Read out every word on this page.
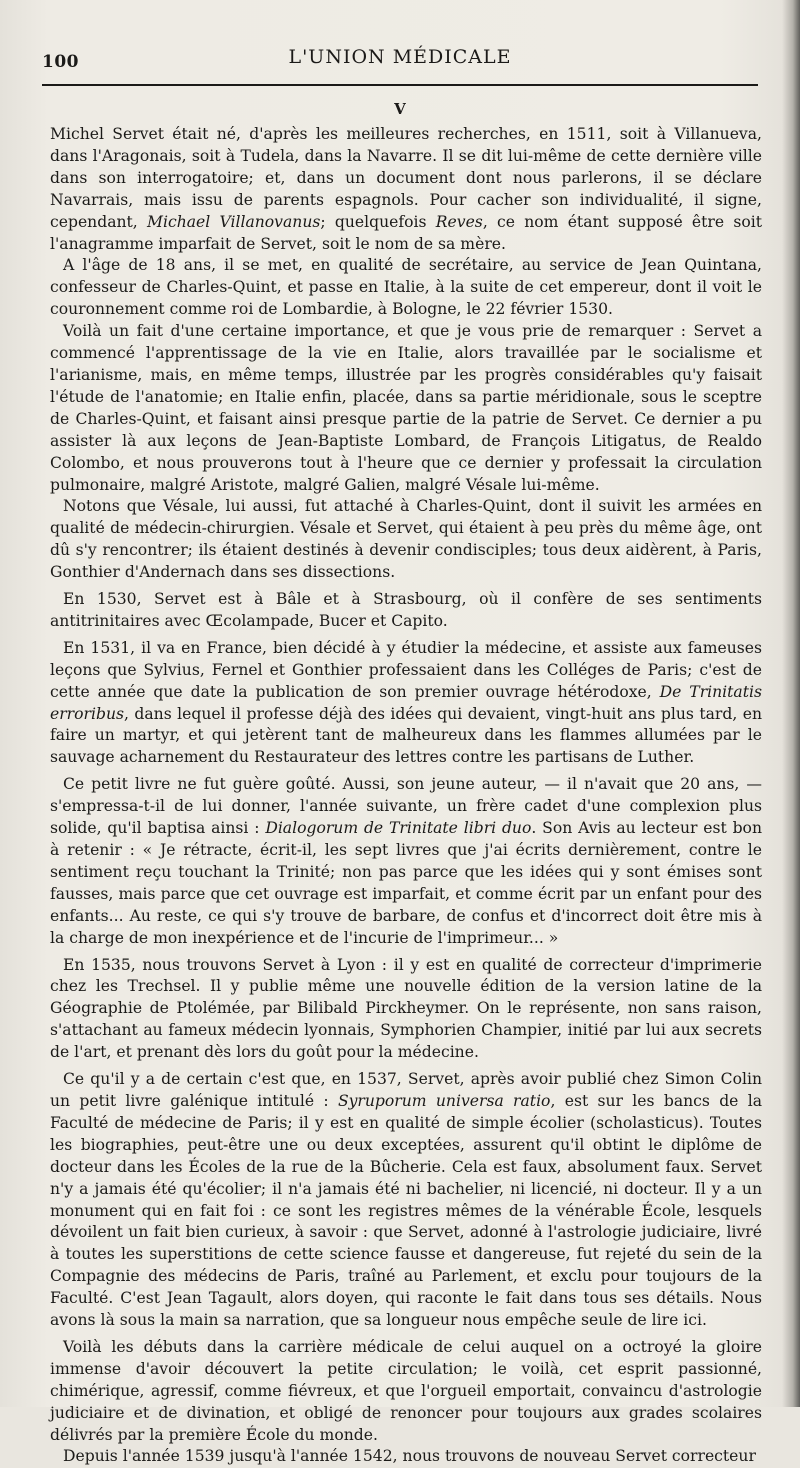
100	L'UNION MÉDICALE
V

Michel Servet était né, d'après les meilleures recherches, en 1511, soit à Villanueva, dans l'Aragonais, soit à Tudela, dans la Navarre. Il se dit lui-même de cette dernière ville dans son interrogatoire; et, dans un document dont nous parlerons, il se déclare Navarrais, mais issu de parents espagnols. Pour cacher son individualité, il signe, cependant, Michael Villanovanus; quelquefois Reves, ce nom étant supposé être soit l'anagramme imparfait de Servet, soit le nom de sa mère.

A l'âge de 18 ans, il se met, en qualité de secrétaire, au service de Jean Quintana, confesseur de Charles-Quint, et passe en Italie, à la suite de cet empereur, dont il voit le couronnement comme roi de Lombardie, à Bologne, le 22 février 1530.

Voilà un fait d'une certaine importance, et que je vous prie de remarquer : Servet a commencé l'apprentissage de la vie en Italie, alors travaillée par le socialisme et l'arianisme, mais, en même temps, illustrée par les progrès considérables qu'y faisait l'étude de l'anatomie; en Italie enfin, placée, dans sa partie méridionale, sous le sceptre de Charles-Quint, et faisant ainsi presque partie de la patrie de Servet. Ce dernier a pu assister là aux leçons de Jean-Baptiste Lombard, de François Litigatus, de Realdo Colombo, et nous prouverons tout à l'heure que ce dernier y professait la circulation pulmonaire, malgré Aristote, malgré Galien, malgré Vésale lui-même.

Notons que Vésale, lui aussi, fut attaché à Charles-Quint, dont il suivit les armées en qualité de médecin-chirurgien. Vésale et Servet, qui étaient à peu près du même âge, ont dû s'y rencontrer; ils étaient destinés à devenir condisciples; tous deux aidèrent, à Paris, Gonthier d'Andernach dans ses dissections.

En 1530, Servet est à Bâle et à Strasbourg, où il confère de ses sentiments antitrinitaires avec Œcolampade, Bucer et Capito.

En 1531, il va en France, bien décidé à y étudier la médecine, et assiste aux fameuses leçons que Sylvius, Fernel et Gonthier professaient dans les Colléges de Paris; c'est de cette année que date la publication de son premier ouvrage hétérodoxe, De Trinitatis erroribus, dans lequel il professe déjà des idées qui devaient, vingt-huit ans plus tard, en faire un martyr, et qui jetèrent tant de malheureux dans les flammes allumées par le sauvage acharnement du Restaurateur des lettres contre les partisans de Luther.

Ce petit livre ne fut guère goûté. Aussi, son jeune auteur, — il n'avait que 20 ans, — s'empressa-t-il de lui donner, l'année suivante, un frère cadet d'une complexion plus solide, qu'il baptisa ainsi : Dialogorum de Trinitate libri duo. Son Avis au lecteur est bon à retenir : « Je rétracte, écrit-il, les sept livres que j'ai écrits dernièrement, contre le sentiment reçu touchant la Trinité; non pas parce que les idées qui y sont émises sont fausses, mais parce que cet ouvrage est imparfait, et comme écrit par un enfant pour des enfants... Au reste, ce qui s'y trouve de barbare, de confus et d'incorrect doit être mis à la charge de mon inexpérience et de l'incurie de l'imprimeur... »

En 1535, nous trouvons Servet à Lyon : il y est en qualité de correcteur d'imprimerie chez les Trechsel. Il y publie même une nouvelle édition de la version latine de la Géographie de Ptolémée, par Bilibald Pirckheymer. On le représente, non sans raison, s'attachant au fameux médecin lyonnais, Symphorien Champier, initié par lui aux secrets de l'art, et prenant dès lors du goût pour la médecine.

Ce qu'il y a de certain c'est que, en 1537, Servet, après avoir publié chez Simon Colin un petit livre galénique intitulé : Syruporum universa ratio, est sur les bancs de la Faculté de médecine de Paris; il y est en qualité de simple écolier (scholasticus). Toutes les biographies, peut-être une ou deux exceptées, assurent qu'il obtint le diplôme de docteur dans les Écoles de la rue de la Bûcherie. Cela est faux, absolument faux. Servet n'y a jamais été qu'écolier; il n'a jamais été ni bachelier, ni licencié, ni docteur. Il y a un monument qui en fait foi : ce sont les registres mêmes de la vénérable École, lesquels dévoilent un fait bien curieux, à savoir : que Servet, adonné à l'astrologie judiciaire, livré à toutes les superstitions de cette science fausse et dangereuse, fut rejeté du sein de la Compagnie des médecins de Paris, traîné au Parlement, et exclu pour toujours de la Faculté. C'est Jean Tagault, alors doyen, qui raconte le fait dans tous ses détails. Nous avons là sous la main sa narration, que sa longueur nous empêche seule de lire ici.

Voilà les débuts dans la carrière médicale de celui auquel on a octroyé la gloire immense d'avoir découvert la petite circulation; le voilà, cet esprit passionné, chimérique, agressif, comme fiévreux, et que l'orgueil emportait, convaincu d'astrologie judiciaire et de divination, et obligé de renoncer pour toujours aux grades scolaires délivrés par la première École du monde.

Depuis l'année 1539 jusqu'à l'année 1542, nous trouvons de nouveau Servet correcteur
